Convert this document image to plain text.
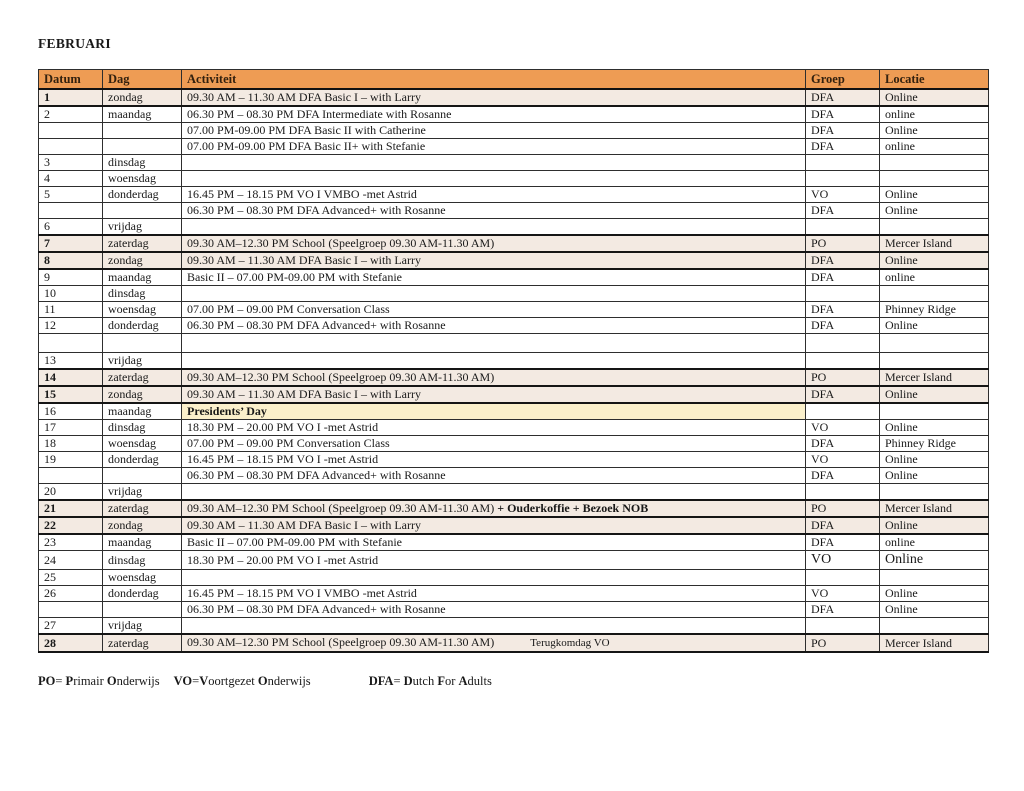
FEBRUARI

Datum	Dag	Activiteit	Groep	Locatie
1	zondag	09.30 AM – 11.30 AM DFA Basic I – with Larry	DFA	Online
2	maandag	06.30 PM – 08.30 PM DFA Intermediate with Rosanne	DFA	online
		07.00 PM-09.00 PM DFA Basic II with Catherine	DFA	Online
		07.00 PM-09.00 PM DFA Basic II+ with Stefanie	DFA	online
3	dinsdag			
4	woensdag			
5	donderdag	16.45 PM – 18.15 PM VO I VMBO -met Astrid	VO	Online
		06.30 PM – 08.30 PM DFA Advanced+ with Rosanne	DFA	Online
6	vrijdag			
7	zaterdag	09.30 AM–12.30 PM School (Speelgroep 09.30 AM-11.30 AM)	PO	Mercer Island
8	zondag	09.30 AM – 11.30 AM DFA Basic I – with Larry	DFA	Online
9	maandag	Basic II – 07.00 PM-09.00 PM with Stefanie	DFA	online
10	dinsdag			
11	woensdag	07.00 PM – 09.00 PM Conversation Class	DFA	Phinney Ridge
12	donderdag	06.30 PM – 08.30 PM DFA Advanced+ with Rosanne	DFA	Online

13	vrijdag			
14	zaterdag	09.30 AM–12.30 PM School (Speelgroep 09.30 AM-11.30 AM)	PO	Mercer Island
15	zondag	09.30 AM – 11.30 AM DFA Basic I – with Larry	DFA	Online
16	maandag	Presidents’ Day		
17	dinsdag	18.30 PM – 20.00 PM VO I -met Astrid	VO	Online
18	woensdag	07.00 PM – 09.00 PM Conversation Class	DFA	Phinney Ridge
19	donderdag	16.45 PM – 18.15 PM VO I -met Astrid	VO	Online
		06.30 PM – 08.30 PM DFA Advanced+ with Rosanne	DFA	Online
20	vrijdag			
21	zaterdag	09.30 AM–12.30 PM School (Speelgroep 09.30 AM-11.30 AM) + Ouderkoffie + Bezoek NOB	PO	Mercer Island
22	zondag	09.30 AM – 11.30 AM DFA Basic I – with Larry	DFA	Online
23	maandag	Basic II – 07.00 PM-09.00 PM with Stefanie	DFA	online
24	dinsdag	18.30 PM – 20.00 PM VO I -met Astrid	VO	Online
25	woensdag			
26	donderdag	16.45 PM – 18.15 PM VO I VMBO -met Astrid	VO	Online
		06.30 PM – 08.30 PM DFA Advanced+ with Rosanne	DFA	Online
27	vrijdag			
28	zaterdag	09.30 AM–12.30 PM School (Speelgroep 09.30 AM-11.30 AM) Terugkomdag VO	PO	Mercer Island

PO= Primair Onderwijs VO=Voortgezet Onderwijs	DFA= Dutch For Adults
